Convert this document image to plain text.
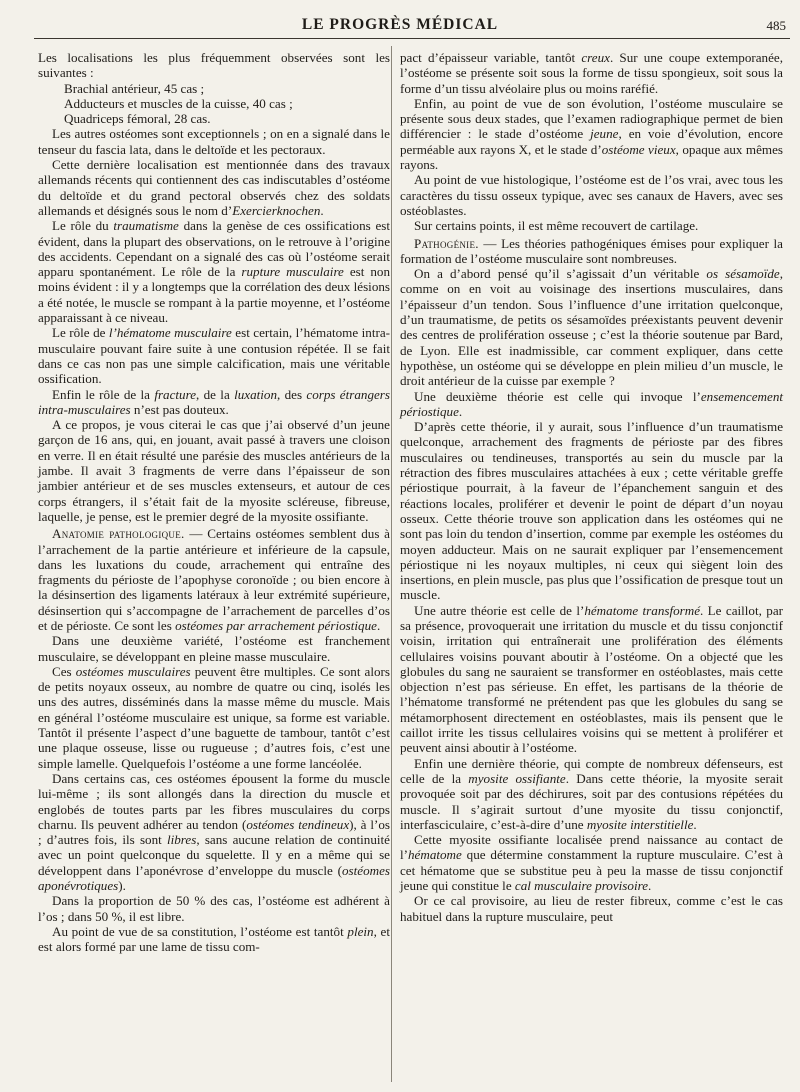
LE PROGRÈS MÉDICAL	485

Les localisations les plus fréquemment observées sont les suivantes :

Brachial antérieur, 45 cas ;

Adducteurs et muscles de la cuisse, 40 cas ;

Quadriceps fémoral, 28 cas.

Les autres ostéomes sont exceptionnels ; on en a signalé dans le tenseur du fascia lata, dans le deltoïde et les pectoraux.

Cette dernière localisation est mentionnée dans des travaux allemands récents qui contiennent des cas indiscutables d’ostéome du deltoïde et du grand pectoral observés chez des soldats allemands et désignés sous le nom d’Exercierknochen.

Le rôle du traumatisme dans la genèse de ces ossifications est évident, dans la plupart des observations, on le retrouve à l’origine des accidents. Cependant on a signalé des cas où l’ostéome serait apparu spontanément. Le rôle de la rupture musculaire est non moins évident : il y a longtemps que la corrélation des deux lésions a été notée, le muscle se rompant à la partie moyenne, et l’ostéome apparaissant à ce niveau.

Le rôle de l’hématome musculaire est certain, l’hématome intra-musculaire pouvant faire suite à une contusion répétée. Il se fait dans ce cas non pas une simple calcification, mais une véritable ossification.

Enfin le rôle de la fracture, de la luxation, des corps étrangers intra-musculaires n’est pas douteux.

A ce propos, je vous citerai le cas que j’ai observé d’un jeune garçon de 16 ans, qui, en jouant, avait passé à travers une cloison en verre. Il en était résulté une parésie des muscles antérieurs de la jambe. Il avait 3 fragments de verre dans l’épaisseur de son jambier antérieur et de ses muscles extenseurs, et autour de ces corps étrangers, il s’était fait de la myosite scléreuse, fibreuse, laquelle, je pense, est le premier degré de la myosite ossifiante.

Anatomie pathologique. — Certains ostéomes semblent dus à l’arrachement de la partie antérieure et inférieure de la capsule, dans les luxations du coude, arrachement qui entraîne des fragments du périoste de l’apophyse coronoïde ; ou bien encore à la désinsertion des ligaments latéraux à leur extrémité supérieure, désinsertion qui s’accompagne de l’arrachement de parcelles d’os et de périoste. Ce sont les ostéomes par arrachement périostique.

Dans une deuxième variété, l’ostéome est franchement musculaire, se développant en pleine masse musculaire.

Ces ostéomes musculaires peuvent être multiples. Ce sont alors de petits noyaux osseux, au nombre de quatre ou cinq, isolés les uns des autres, disséminés dans la masse même du muscle. Mais en général l’ostéome musculaire est unique, sa forme est variable. Tantôt il présente l’aspect d’une baguette de tambour, tantôt c’est une plaque osseuse, lisse ou rugueuse ; d’autres fois, c’est une simple lamelle. Quelquefois l’ostéome a une forme lancéolée.

Dans certains cas, ces ostéomes épousent la forme du muscle lui-même ; ils sont allongés dans la direction du muscle et englobés de toutes parts par les fibres musculaires du corps charnu. Ils peuvent adhérer au tendon (ostéomes tendineux), à l’os ; d’autres fois, ils sont libres, sans aucune relation de continuité avec un point quelconque du squelette. Il y en a même qui se développent dans l’aponévrose d’enveloppe du muscle (ostéomes aponévrotiques).

Dans la proportion de 50 % des cas, l’ostéome est adhérent à l’os ; dans 50 %, il est libre.

Au point de vue de sa constitution, l’ostéome est tantôt plein, et est alors formé par une lame de tissu com-

pact d’épaisseur variable, tantôt creux. Sur une coupe extemporanée, l’ostéome se présente soit sous la forme de tissu spongieux, soit sous la forme d’un tissu alvéolaire plus ou moins raréfié.

Enfin, au point de vue de son évolution, l’ostéome musculaire se présente sous deux stades, que l’examen radiographique permet de bien différencier : le stade d’ostéome jeune, en voie d’évolution, encore perméable aux rayons X, et le stade d’ostéome vieux, opaque aux mêmes rayons.

Au point de vue histologique, l’ostéome est de l’os vrai, avec tous les caractères du tissu osseux typique, avec ses canaux de Havers, avec ses ostéoblastes.

Sur certains points, il est même recouvert de cartilage.

Pathogénie. — Les théories pathogéniques émises pour expliquer la formation de l’ostéome musculaire sont nombreuses.

On a d’abord pensé qu’il s’agissait d’un véritable os sésamoïde, comme on en voit au voisinage des insertions musculaires, dans l’épaisseur d’un tendon. Sous l’influence d’une irritation quelconque, d’un traumatisme, de petits os sésamoïdes préexistants peuvent devenir des centres de prolifération osseuse ; c’est la théorie soutenue par Bard, de Lyon. Elle est inadmissible, car comment expliquer, dans cette hypothèse, un ostéome qui se développe en plein milieu d’un muscle, le droit antérieur de la cuisse par exemple ?

Une deuxième théorie est celle qui invoque l’ensemencement périostique.

D’après cette théorie, il y aurait, sous l’influence d’un traumatisme quelconque, arrachement des fragments de périoste par des fibres musculaires ou tendineuses, transportés au sein du muscle par la rétraction des fibres musculaires attachées à eux ; cette véritable greffe périostique pourrait, à la faveur de l’épanchement sanguin et des réactions locales, proliférer et devenir le point de départ d’un noyau osseux. Cette théorie trouve son application dans les ostéomes qui ne sont pas loin du tendon d’insertion, comme par exemple les ostéomes du moyen adducteur. Mais on ne saurait expliquer par l’ensemencement périostique ni les noyaux multiples, ni ceux qui siègent loin des insertions, en plein muscle, pas plus que l’ossification de presque tout un muscle.

Une autre théorie est celle de l’hématome transformé. Le caillot, par sa présence, provoquerait une irritation du muscle et du tissu conjonctif voisin, irritation qui entraînerait une prolifération des éléments cellulaires voisins pouvant aboutir à l’ostéome. On a objecté que les globules du sang ne sauraient se transformer en ostéoblastes, mais cette objection n’est pas sérieuse. En effet, les partisans de la théorie de l’hématome transformé ne prétendent pas que les globules du sang se métamorphosent directement en ostéoblastes, mais ils pensent que le caillot irrite les tissus cellulaires voisins qui se mettent à proliférer et peuvent ainsi aboutir à l’ostéome.

Enfin une dernière théorie, qui compte de nombreux défenseurs, est celle de la myosite ossifiante. Dans cette théorie, la myosite serait provoquée soit par des déchirures, soit par des contusions répétées du muscle. Il s’agirait surtout d’une myosite du tissu conjonctif, interfasciculaire, c’est-à-dire d’une myosite interstitielle.

Cette myosite ossifiante localisée prend naissance au contact de l’hématome que détermine constamment la rupture musculaire. C’est à cet hématome que se substitue peu à peu la masse de tissu conjonctif jeune qui constitue le cal musculaire provisoire.

Or ce cal provisoire, au lieu de rester fibreux, comme c’est le cas habituel dans la rupture musculaire, peut
